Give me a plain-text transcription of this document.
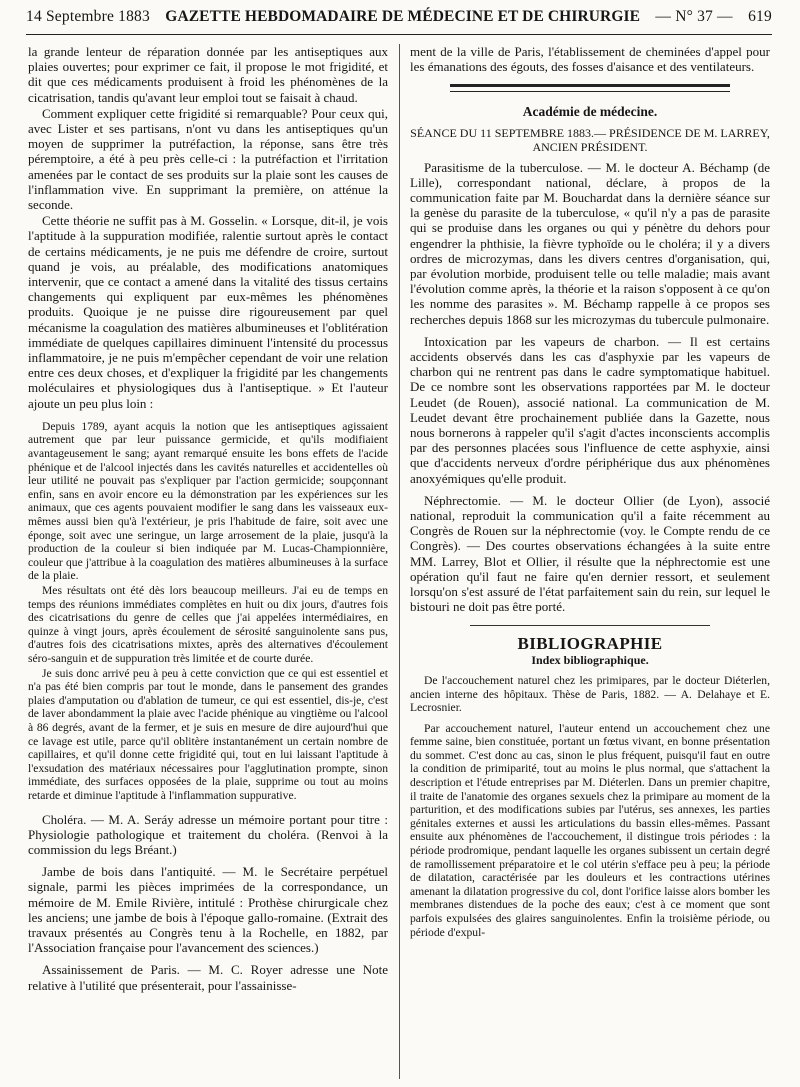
14 Septembre 1883 GAZETTE HEBDOMADAIRE DE MÉDECINE ET DE CHIRURGIE — N° 37 — 619

la grande lenteur de réparation donnée par les antiseptiques aux plaies ouvertes; pour exprimer ce fait, il propose le mot frigidité, et dit que ces médicaments produisent à froid les phénomènes de la cicatrisation, tandis qu'avant leur emploi tout se faisait à chaud.

Comment expliquer cette frigidité si remarquable? Pour ceux qui, avec Lister et ses partisans, n'ont vu dans les antiseptiques qu'un moyen de supprimer la putréfaction, la réponse, sans être très péremptoire, a été à peu près celle-ci : la putréfaction et l'irritation amenées par le contact de ses produits sur la plaie sont les causes de l'inflammation vive. En supprimant la première, on atténue la seconde.

Cette théorie ne suffit pas à M. Gosselin. « Lorsque, dit-il, je vois l'aptitude à la suppuration modifiée, ralentie surtout après le contact de certains médicaments, je ne puis me défendre de croire, surtout quand je vois, au préalable, des modifications anatomiques intervenir, que ce contact a amené dans la vitalité des tissus certains changements qui expliquent par eux-mêmes les phénomènes produits. Quoique je ne puisse dire rigoureusement par quel mécanisme la coagulation des matières albumineuses et l'oblitération immédiate de quelques capillaires diminuent l'intensité du processus inflammatoire, je ne puis m'empêcher cependant de voir une relation entre ces deux choses, et d'expliquer la frigidité par les changements moléculaires et physiologiques dus à l'antiseptique. » Et l'auteur ajoute un peu plus loin :

Depuis 1789, ayant acquis la notion que les antiseptiques agissaient autrement que par leur puissance germicide, et qu'ils modifiaient avantageusement le sang; ayant remarqué ensuite les bons effets de l'acide phénique et de l'alcool injectés dans les cavités naturelles et accidentelles où leur utilité ne pouvait pas s'expliquer par l'action germicide; soupçonnant enfin, sans en avoir encore eu la démonstration par les expériences sur les animaux, que ces agents pouvaient modifier le sang dans les vaisseaux eux-mêmes aussi bien qu'à l'extérieur, je pris l'habitude de faire, soit avec une éponge, soit avec une seringue, un large arrosement de la plaie, jusqu'à la production de la couleur si bien indiquée par M. Lucas-Championnière, couleur que j'attribue à la coagulation des matières albumineuses à la surface de la plaie.

Mes résultats ont été dès lors beaucoup meilleurs. J'ai eu de temps en temps des réunions immédiates complètes en huit ou dix jours, d'autres fois des cicatrisations du genre de celles que j'ai appelées intermédiaires, en quinze à vingt jours, après écoulement de sérosité sanguinolente sans pus, d'autres fois des cicatrisations mixtes, après des alternatives d'écoulement séro-sanguin et de suppuration très limitée et de courte durée.

Je suis donc arrivé peu à peu à cette conviction que ce qui est essentiel et n'a pas été bien compris par tout le monde, dans le pansement des grandes plaies d'amputation ou d'ablation de tumeur, ce qui est essentiel, dis-je, c'est de laver abondamment la plaie avec l'acide phénique au vingtième ou l'alcool à 86 degrés, avant de la fermer, et je suis en mesure de dire aujourd'hui que ce lavage est utile, parce qu'il oblitère instantanément un certain nombre de capillaires, et qu'il donne cette frigidité qui, tout en lui laissant l'aptitude à l'exsudation des matériaux nécessaires pour l'agglutination prompte, sinon immédiate, des surfaces opposées de la plaie, supprime ou tout au moins retarde et diminue l'aptitude à l'inflammation suppurative.

Choléra. — M. A. Seráy adresse un mémoire portant pour titre : Physiologie pathologique et traitement du choléra. (Renvoi à la commission du legs Bréant.)

Jambe de bois dans l'antiquité. — M. le Secrétaire perpétuel signale, parmi les pièces imprimées de la correspondance, un mémoire de M. Emile Rivière, intitulé : Prothèse chirurgicale chez les anciens; une jambe de bois à l'époque gallo-romaine. (Extrait des travaux présentés au Congrès tenu à la Rochelle, en 1882, par l'Association française pour l'avancement des sciences.)

Assainissement de Paris. — M. C. Royer adresse une Note relative à l'utilité que présenterait, pour l'assainisse-

ment de la ville de Paris, l'établissement de cheminées d'appel pour les émanations des égouts, des fosses d'aisance et des ventilateurs.

Académie de médecine.
SÉANCE DU 11 SEPTEMBRE 1883.— PRÉSIDENCE DE M. LARREY, ANCIEN PRÉSIDENT.

Parasitisme de la tuberculose. — M. le docteur A. Béchamp (de Lille), correspondant national, déclare, à propos de la communication faite par M. Bouchardat dans la dernière séance sur la genèse du parasite de la tuberculose, « qu'il n'y a pas de parasite qui se produise dans les organes ou qui y pénètre du dehors pour engendrer la phthisie, la fièvre typhoïde ou le choléra; il y a divers ordres de microzymas, dans les divers centres d'organisation, qui, par évolution morbide, produisent telle ou telle maladie; mais avant l'évolution comme après, la théorie et la raison s'opposent à ce qu'on les nomme des parasites ». M. Béchamp rappelle à ce propos ses recherches depuis 1868 sur les microzymas du tubercule pulmonaire.

Intoxication par les vapeurs de charbon. — Il est certains accidents observés dans les cas d'asphyxie par les vapeurs de charbon qui ne rentrent pas dans le cadre symptomatique habituel. De ce nombre sont les observations rapportées par M. le docteur Leudet (de Rouen), associé national. La communication de M. Leudet devant être prochainement publiée dans la Gazette, nous nous bornerons à rappeler qu'il s'agit d'actes inconscients accomplis par des personnes placées sous l'influence de cette asphyxie, ainsi que d'accidents nerveux d'ordre périphérique dus aux phénomènes anoxyémiques qu'elle produit.

Néphrectomie. — M. le docteur Ollier (de Lyon), associé national, reproduit la communication qu'il a faite récemment au Congrès de Rouen sur la néphrectomie (voy. le Compte rendu de ce Congrès). — Des courtes observations échangées à la suite entre MM. Larrey, Blot et Ollier, il résulte que la néphrectomie est une opération qu'il faut ne faire qu'en dernier ressort, et seulement lorsqu'on s'est assuré de l'état parfaitement sain du rein, sur lequel le bistouri ne doit pas être porté.

BIBLIOGRAPHIE
Index bibliographique.

De l'accouchement naturel chez les primipares, par le docteur Diéterlen, ancien interne des hôpitaux. Thèse de Paris, 1882. — A. Delahaye et E. Lecrosnier.

Par accouchement naturel, l'auteur entend un accouchement chez une femme saine, bien constituée, portant un fœtus vivant, en bonne présentation du sommet. C'est donc au cas, sinon le plus fréquent, puisqu'il faut en outre la condition de primiparité, tout au moins le plus normal, que s'attachent la description et l'étude entreprises par M. Diéterlen. Dans un premier chapitre, il traite de l'anatomie des organes sexuels chez la primipare au moment de la parturition, et des modifications subies par l'utérus, ses annexes, les parties génitales externes et aussi les articulations du bassin elles-mêmes. Passant ensuite aux phénomènes de l'accouchement, il distingue trois périodes : la période prodromique, pendant laquelle les organes subissent un certain degré de ramollissement préparatoire et le col utérin s'efface peu à peu; la période de dilatation, caractérisée par les douleurs et les contractions utérines amenant la dilatation progressive du col, dont l'orifice laisse alors bomber les membranes distendues de la poche des eaux; c'est à ce moment que sont parfois expulsées des glaires sanguinolentes. Enfin la troisième période, ou période d'expul-
